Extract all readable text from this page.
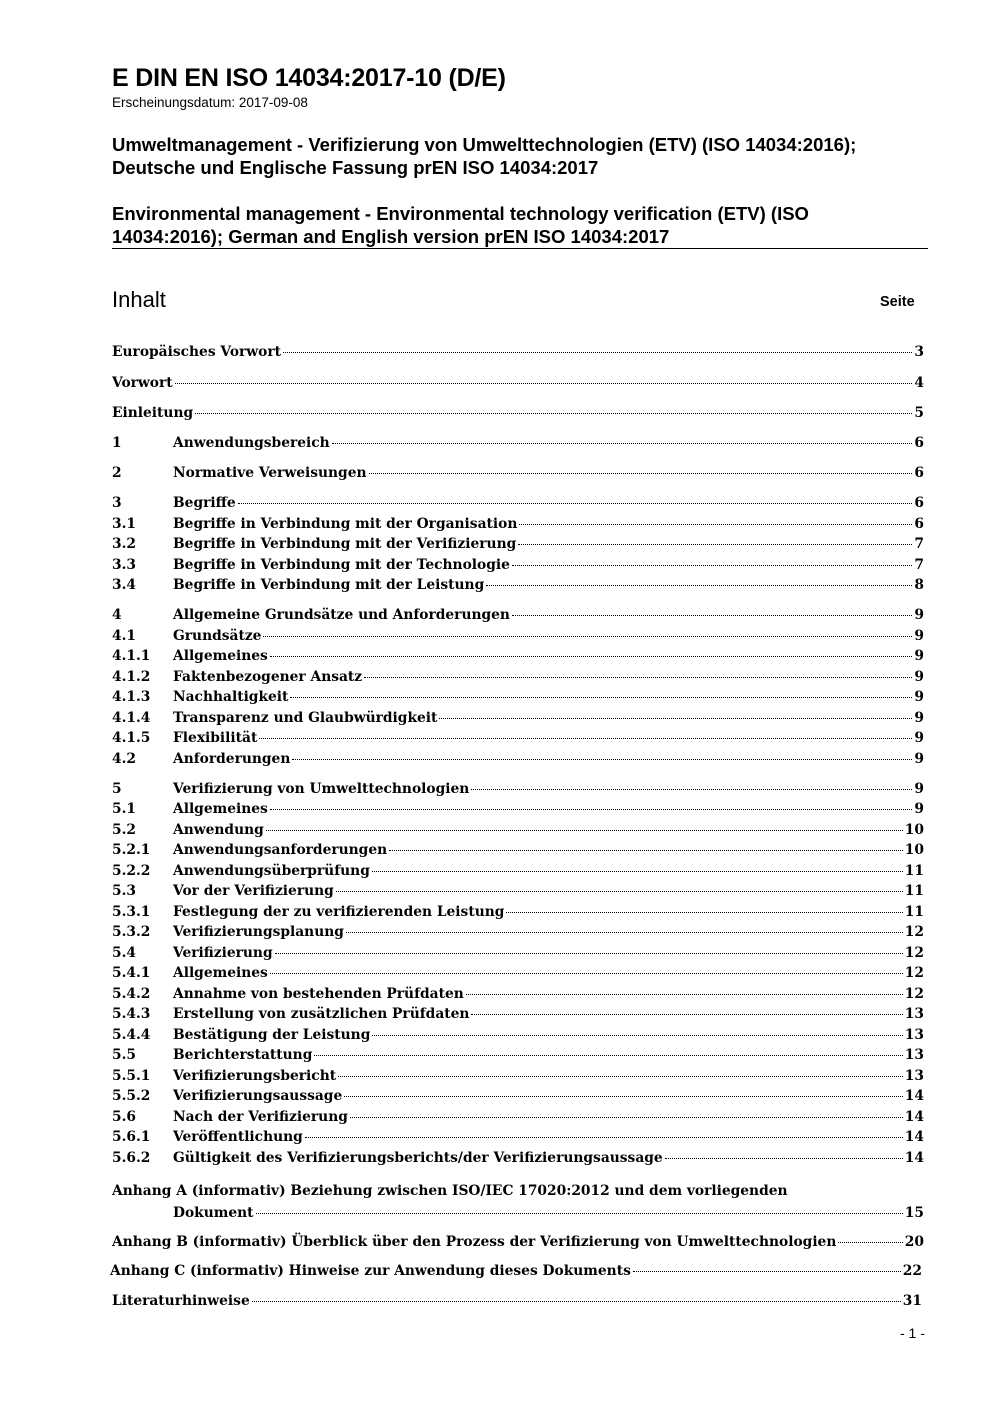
E DIN EN ISO 14034:2017-10 (D/E)
Erscheinungsdatum: 2017-09-08
Umweltmanagement - Verifizierung von Umwelttechnologien (ETV) (ISO 14034:2016);
Deutsche und Englische Fassung prEN ISO 14034:2017
Environmental management - Environmental technology verification (ETV) (ISO
14034:2016); German and English version prEN ISO 14034:2017
Inhalt	Seite
Europäisches Vorwort	3
Vorwort	4
Einleitung	5
1	Anwendungsbereich	6
2	Normative Verweisungen	6
3	Begriffe	6
3.1	Begriffe in Verbindung mit der Organisation	6
3.2	Begriffe in Verbindung mit der Verifizierung	7
3.3	Begriffe in Verbindung mit der Technologie	7
3.4	Begriffe in Verbindung mit der Leistung	8
4	Allgemeine Grundsätze und Anforderungen	9
4.1	Grundsätze	9
4.1.1	Allgemeines	9
4.1.2	Faktenbezogener Ansatz	9
4.1.3	Nachhaltigkeit	9
4.1.4	Transparenz und Glaubwürdigkeit	9
4.1.5	Flexibilität	9
4.2	Anforderungen	9
5	Verifizierung von Umwelttechnologien	9
5.1	Allgemeines	9
5.2	Anwendung	10
5.2.1	Anwendungsanforderungen	10
5.2.2	Anwendungsüberprüfung	11
5.3	Vor der Verifizierung	11
5.3.1	Festlegung der zu verifizierenden Leistung	11
5.3.2	Verifizierungsplanung	12
5.4	Verifizierung	12
5.4.1	Allgemeines	12
5.4.2	Annahme von bestehenden Prüfdaten	12
5.4.3	Erstellung von zusätzlichen Prüfdaten	13
5.4.4	Bestätigung der Leistung	13
5.5	Berichterstattung	13
5.5.1	Verifizierungsbericht	13
5.5.2	Verifizierungsaussage	14
5.6	Nach der Verifizierung	14
5.6.1	Veröffentlichung	14
5.6.2	Gültigkeit des Verifizierungsberichts/der Verifizierungsaussage	14
Anhang A (informativ) Beziehung zwischen ISO/IEC 17020:2012 und dem vorliegenden
Dokument	15
Anhang B (informativ) Überblick über den Prozess der Verifizierung von Umwelttechnologien	20
Anhang C (informativ) Hinweise zur Anwendung dieses Dokuments	22
Literaturhinweise	31
- 1 -
